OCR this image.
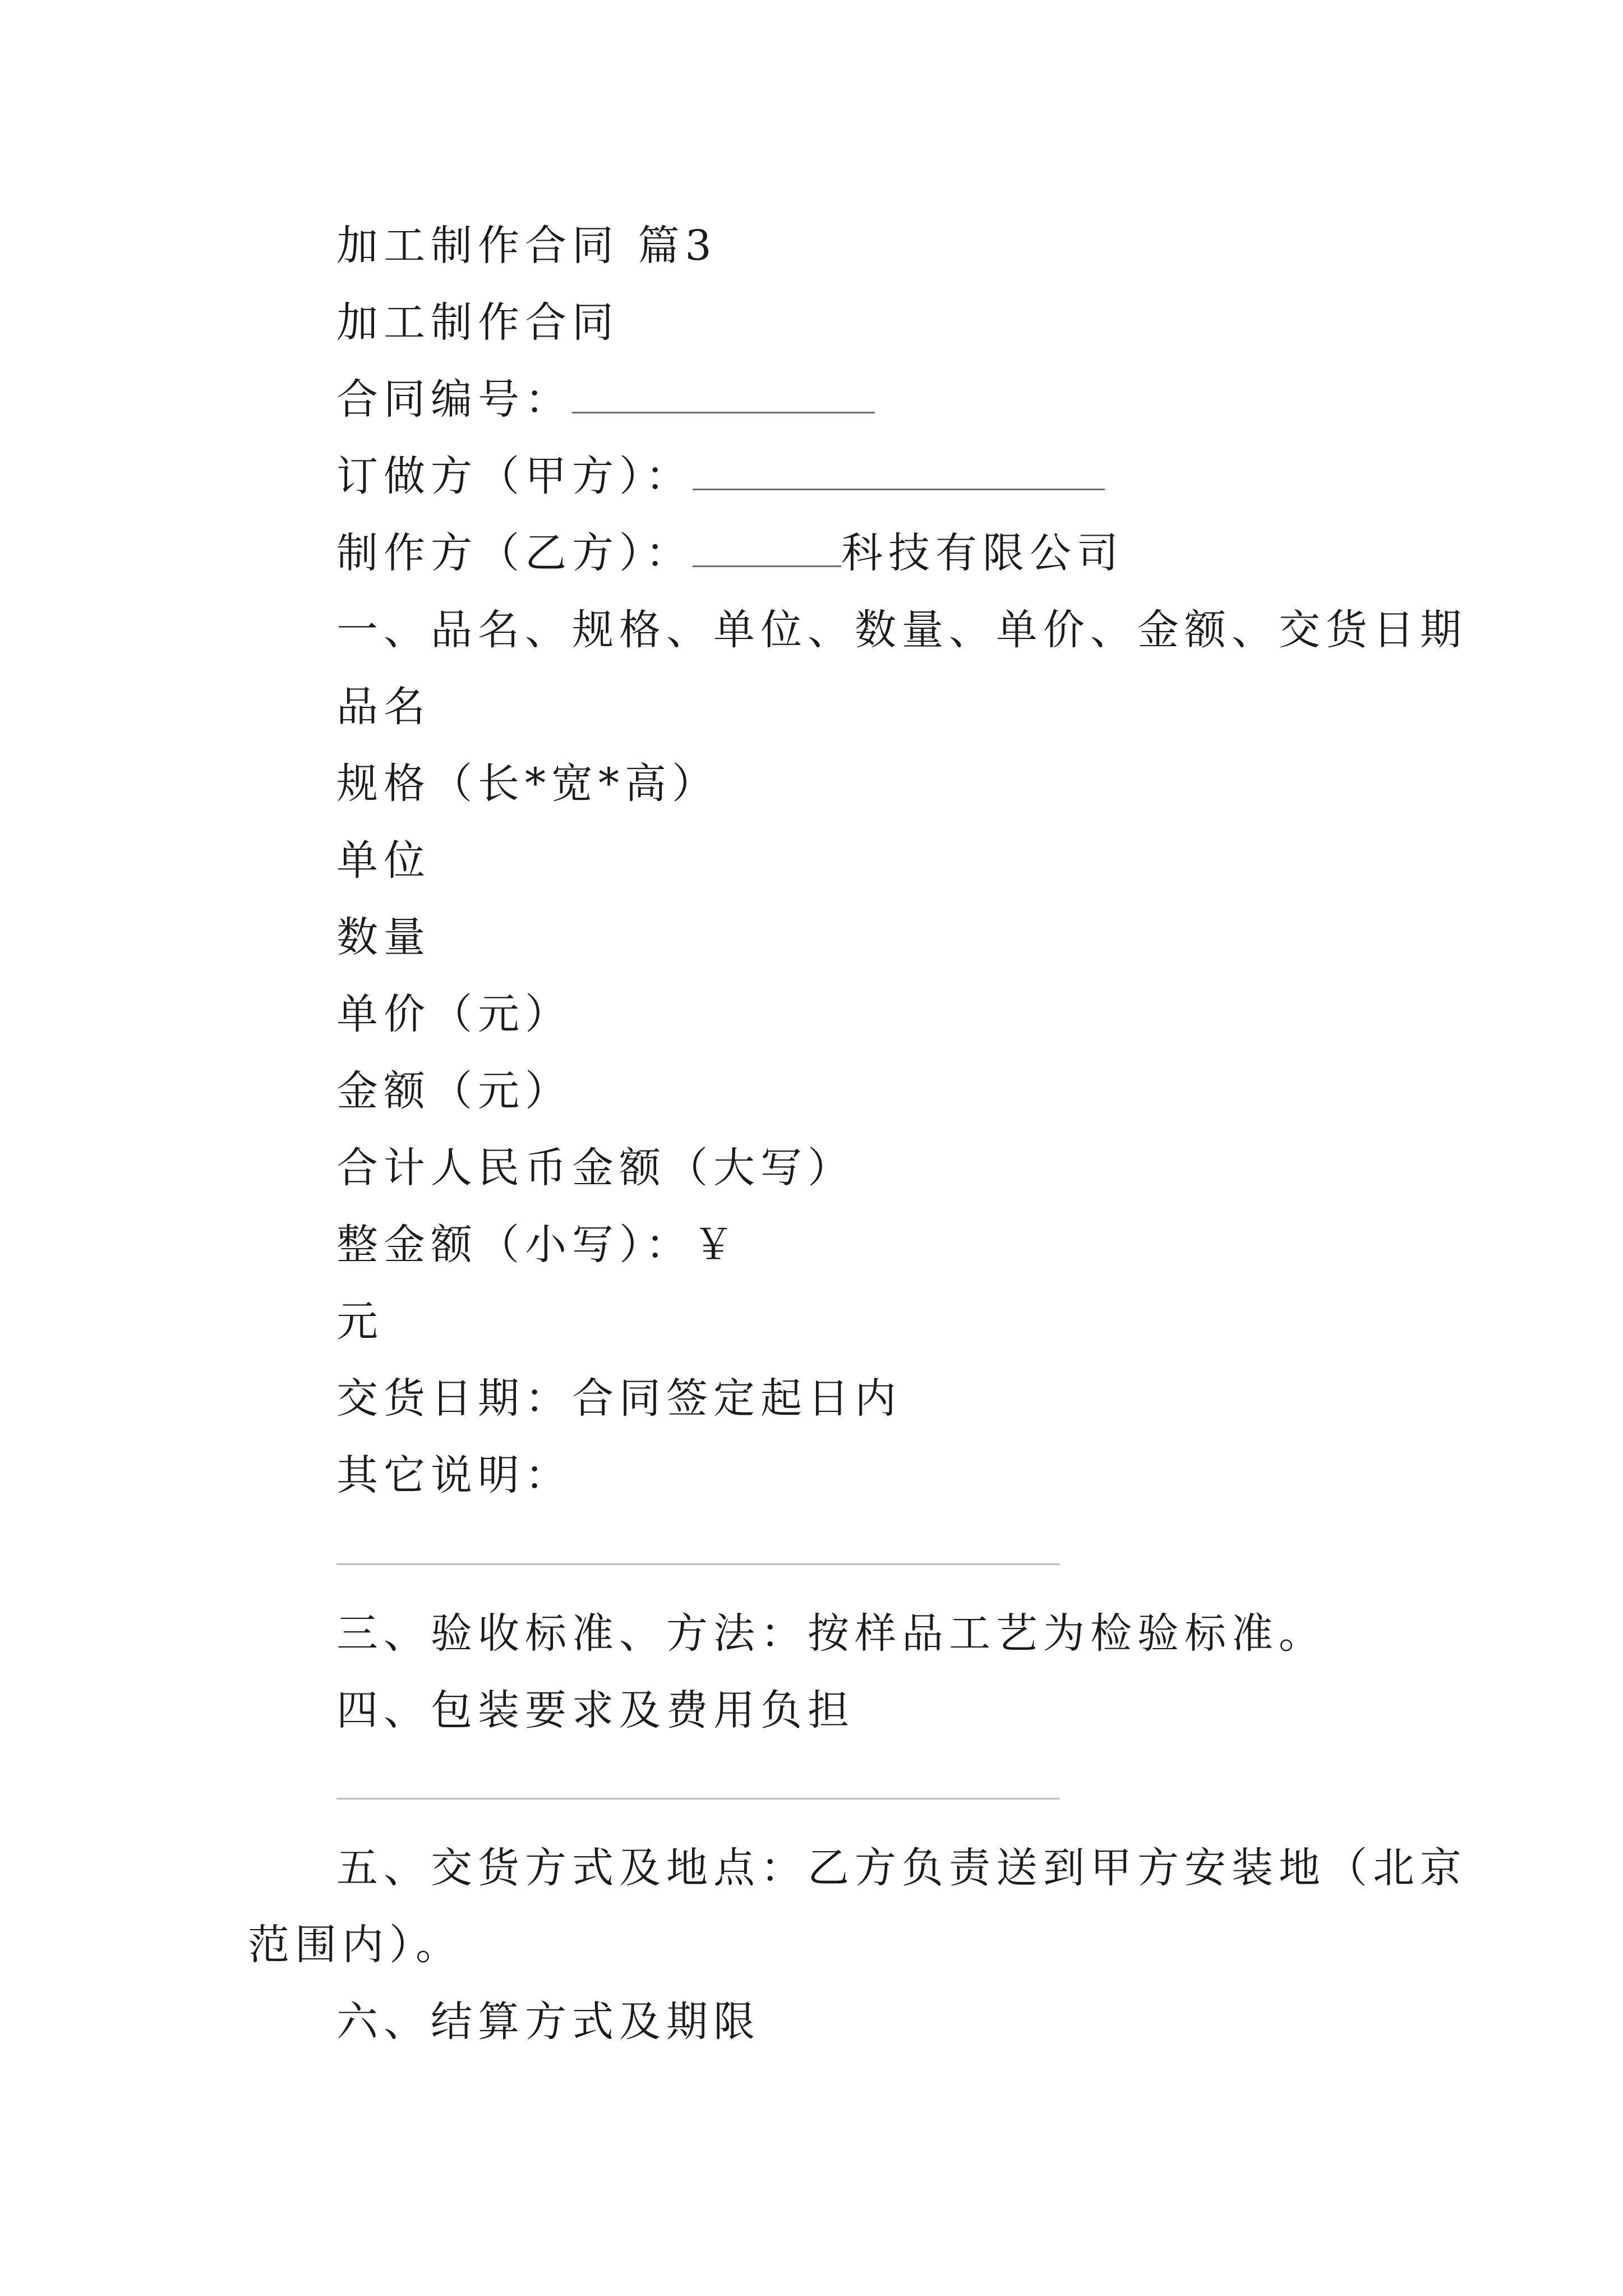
加工制作合同 篇3
加工制作合同
合同编号：
订做方（甲方）：
制作方（乙方）：	科技有限公司
一、品名、规格、单位、数量、单价、金额、交货日期
品名
规格（长*宽*高）
单位
数量
单价（元）
金额（元）
合计人民币金额（大写）
整金额（小写）：￥
元
交货日期：合同签定起日内
其它说明：
三、验收标准、方法：按样品工艺为检验标准。
四、包装要求及费用负担
五、交货方式及地点：乙方负责送到甲方安装地（北京
范围内）。
六、结算方式及期限
